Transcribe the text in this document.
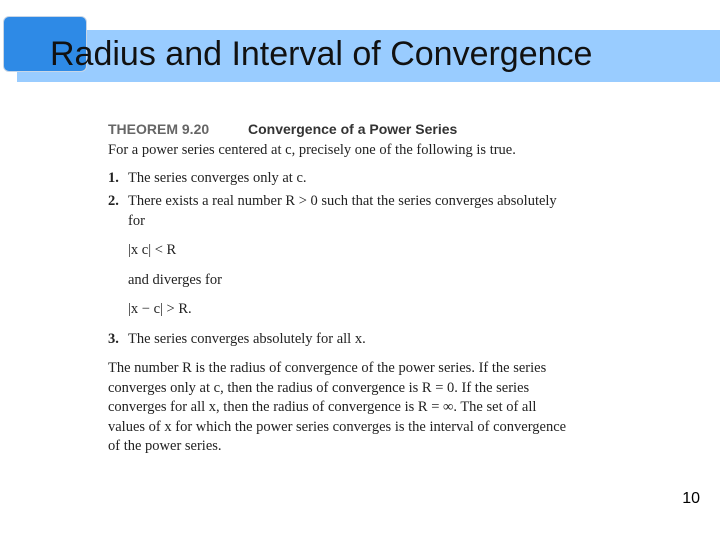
Radius and Interval of Convergence
THEOREM 9.20	Convergence of a Power Series
For a power series centered at c, precisely one of the following is true.
1. The series converges only at c.
2. There exists a real number R > 0 such that the series converges absolutely
for
|x c| < R
and diverges for
|x − c| > R.
3. The series converges absolutely for all x.
The number R is the radius of convergence of the power series. If the series
converges only at c, then the radius of convergence is R = 0. If the series
converges for all x, then the radius of convergence is R = ∞. The set of all
values of x for which the power series converges is the interval of convergence
of the power series.
10
